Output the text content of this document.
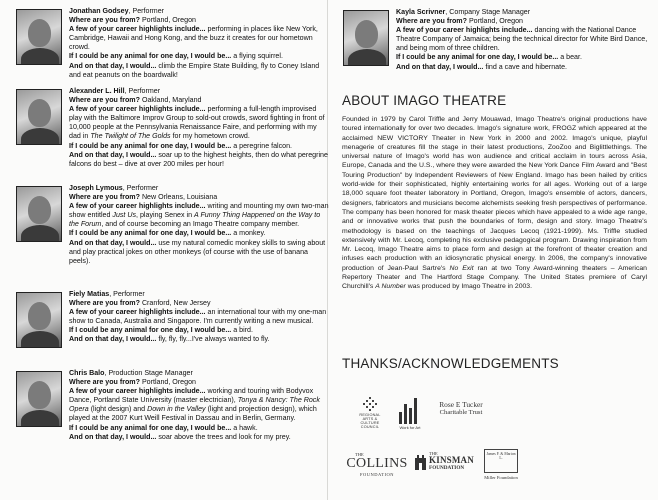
Jonathan Godsey, Performer
Where are you from? Portland, Oregon
A few of your career highlights include... performing in places like New York, Cambridge, Hawaii and Hong Kong, and the buzz it creates for our hometown crowd.
If I could be any animal for one day, I would be... a flying squirrel.
And on that day, I would... climb the Empire State Building, fly to Coney Island and eat peanuts on the boardwalk!
Alexander L. Hill, Performer
Where are you from? Oakland, Maryland
A few of your career highlights include... performing a full-length improvised play with the Baltimore Improv Group to sold-out crowds, sword fighting in front of 10,000 people at the Pennsylvania Renaissance Faire, and performing with my dad in The Twilight of The Golds for my hometown crowd.
If I could be any animal for one day, I would be... a peregrine falcon.
And on that day, I would... soar up to the highest heights, then do what peregrine falcons do best – dive at over 200 miles per hour!
Joseph Lymous, Performer
Where are you from? New Orleans, Louisiana
A few of your career highlights include... writing and mounting my own two-man show entitled Just Us, playing Senex in A Funny Thing Happened on the Way to the Forum, and of course becoming an Imago Theatre company member.
If I could be any animal for one day, I would be... a monkey.
And on that day, I would... use my natural comedic monkey skills to swing about and play practical jokes on other monkeys (of course with the use of banana peels).
Fiely Matias, Performer
Where are you from? Cranford, New Jersey
A few of your career highlights include... an international tour with my one-man show to Canada, Australia and Singapore. I'm currently writing a new musical.
If I could be any animal for one day, I would be... a bird.
And on that day, I would... fly, fly, fly...I've always wanted to fly.
Chris Balo, Production Stage Manager
Where are you from? Portland, Oregon
A few of your career highlights include... working and touring with Bodyvox Dance, Portland State University (master electrician), Tonya & Nancy: The Rock Opera (light design) and Down in the Valley (light and projection design), which played at the 2007 Kurt Weill Festival in Dassau and in Berlin, Germany.
If I could be any animal for one day, I would be... a hawk.
And on that day, I would... soar above the trees and look for my prey.
Kayla Scrivner, Company Stage Manager
Where are you from? Portland, Oregon
A few of your career highlights include... dancing with the National Dance Theatre Company of Jamaica; being the technical director for White Bird Dance, and being mom of three children.
If I could be any animal for one day, I would be... a bear.
And on that day, I would... find a cave and hibernate.
ABOUT IMAGO THEATRE
Founded in 1979 by Carol Triffle and Jerry Mouawad, Imago Theatre's original productions have toured internationally for over two decades. Imago's signature work, FROGZ which appeared at the acclaimed NEW VICTORY Theater in New York in 2000 and 2002. Imago's unique, playful menagerie of creatures fill the stage in their latest productions, ZooZoo and Biglittlethings. The universal nature of Imago's world has won audience and critical acclaim in tours across Asia, Europe, Canada and the U.S., where they were awarded the New York Dance Film Award and "Best Touring Production" by Independent Reviewers of New England. Imago has been hailed by critics world-wide for their sophisticated, highly entertaining works for all ages. Working out of a large 18,000 square foot theater laboratory in Portland, Oregon, Imago's ensemble of actors, dancers, designers, fabricators and musicians become alchemists seeking fresh perspectives of performance. The company has been honored for mask theater pieces which have appealed to a wide age range, and or innovative works that push the boundaries of form, design and story. Imago Theatre's methodology is based on the teachings of Jacques Lecoq (1921-1999). Ms. Triffle studied extensively with Mr. Lecoq, completing his exclusive pedagogical program. Drawing inspiration from Mr. Lecoq, Imago Theatre aims to place form and design at the forefront of theater creation and infuses each production with an idiosyncratic physical energy. In 2006, the company's innovative production of Jean-Paul Sartre's No Exit ran at two Tony Award-winning theaters – American Repertory Theater and The Hartford Stage Company. The United States premiere of Caryl Churchill's A Number was produced by Imago Theatre in 2003.
THANKS/ACKNOWLEDGEMENTS
REGIONAL ARTS & CULTURE COUNCIL	Work for Art
Rose E Tucker
Charitable Trust
THE
COLLINS
FOUNDATION
THE
KINSMAN
FOUNDATION
James F. & Marion L.
Miller Foundation
